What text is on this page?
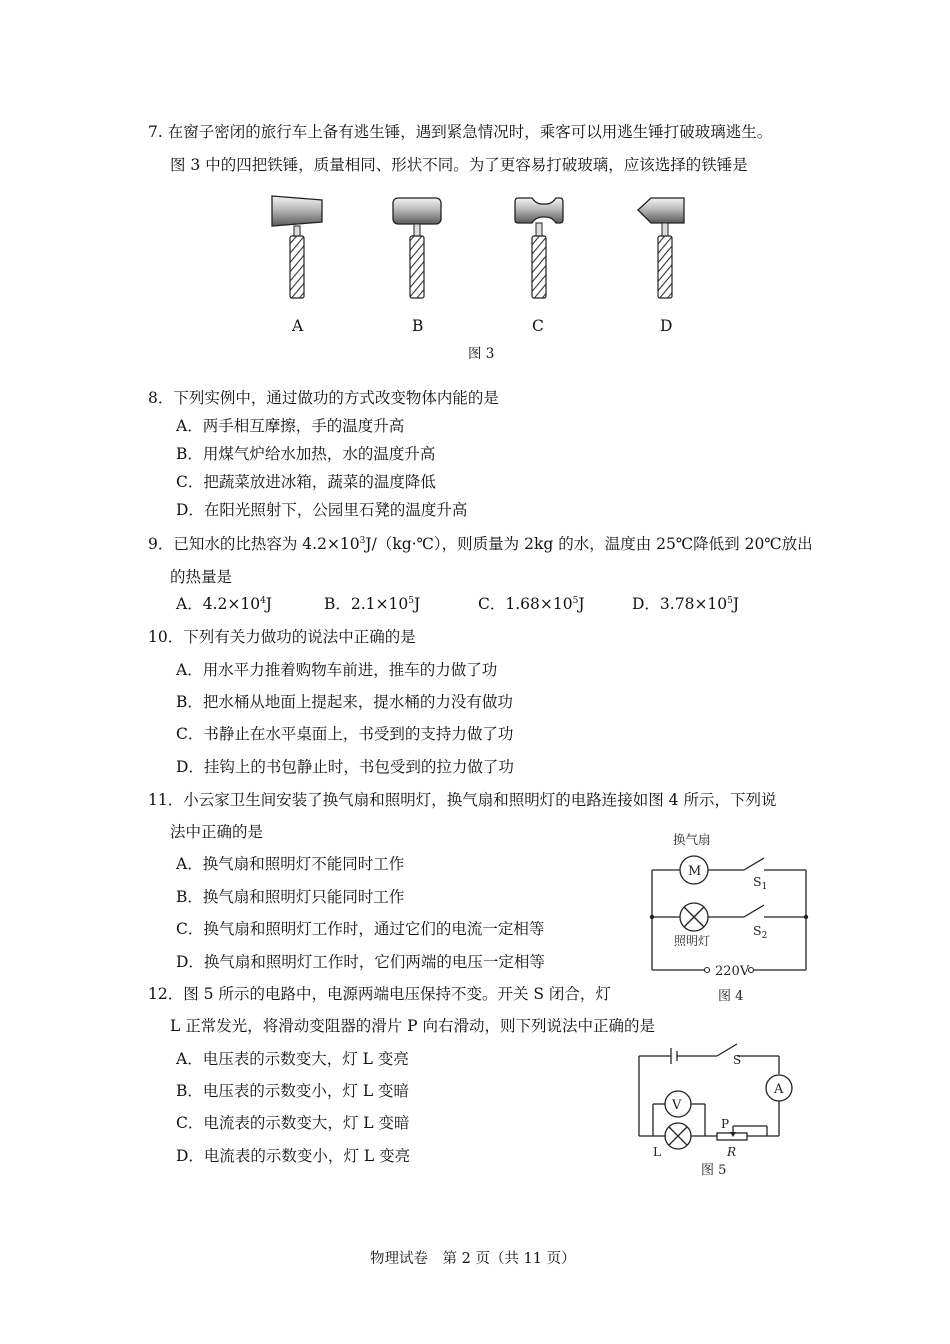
7. 在窗子密闭的旅行车上备有逃生锤，遇到紧急情况时，乘客可以用逃生锤打破玻璃逃生。
图 3 中的四把铁锤，质量相同、形状不同。为了更容易打破玻璃，应该选择的铁锤是
A	B	C	D
图 3
8．下列实例中，通过做功的方式改变物体内能的是
A．两手相互摩擦，手的温度升高
B．用煤气炉给水加热，水的温度升高
C．把蔬菜放进冰箱，蔬菜的温度降低
D．在阳光照射下，公园里石凳的温度升高
9．已知水的比热容为 $4.2\times 10^3J/(kg\cdot℃)$，则质量为 2kg 的水，温度由 25℃降低到 20℃放出
的热量是
A．$4.2\times 10^4J$	B．$2.1\times 10^5J$	C．$1.68\times 10^5J$	D．$3.78\times 10^5J$
10．下列有关力做功的说法中正确的是
A．用水平力推着购物车前进，推车的力做了功
B．把水桶从地面上提起来，提水桶的力没有做功
C．书静止在水平桌面上，书受到的支持力做了功
D．挂钩上的书包静止时，书包受到的拉力做了功
11．小云家卫生间安装了换气扇和照明灯，换气扇和照明灯的电路连接如图 4 所示，下列说
法中正确的是
A．换气扇和照明灯不能同时工作
B．换气扇和照明灯只能同时工作
C．换气扇和照明灯工作时，通过它们的电流一定相等
D．换气扇和照明灯工作时，它们两端的电压一定相等
换气扇
M
$S_1$
$S_2$
照明灯
220V
图 4
12．图 5 所示的电路中，电源两端电压保持不变。开关 S 闭合，灯
L 正常发光，将滑动变阻器的滑片 P 向右滑动，则下列说法中正确的是
A．电压表的示数变大，灯 L 变亮
B．电压表的示数变小，灯 L 变暗
C．电流表的示数变大，灯 L 变暗
D．电流表的示数变小，灯 L 变亮
S
A
V
P
L	R
图 5
物理试卷　第 2 页（共 11 页）
